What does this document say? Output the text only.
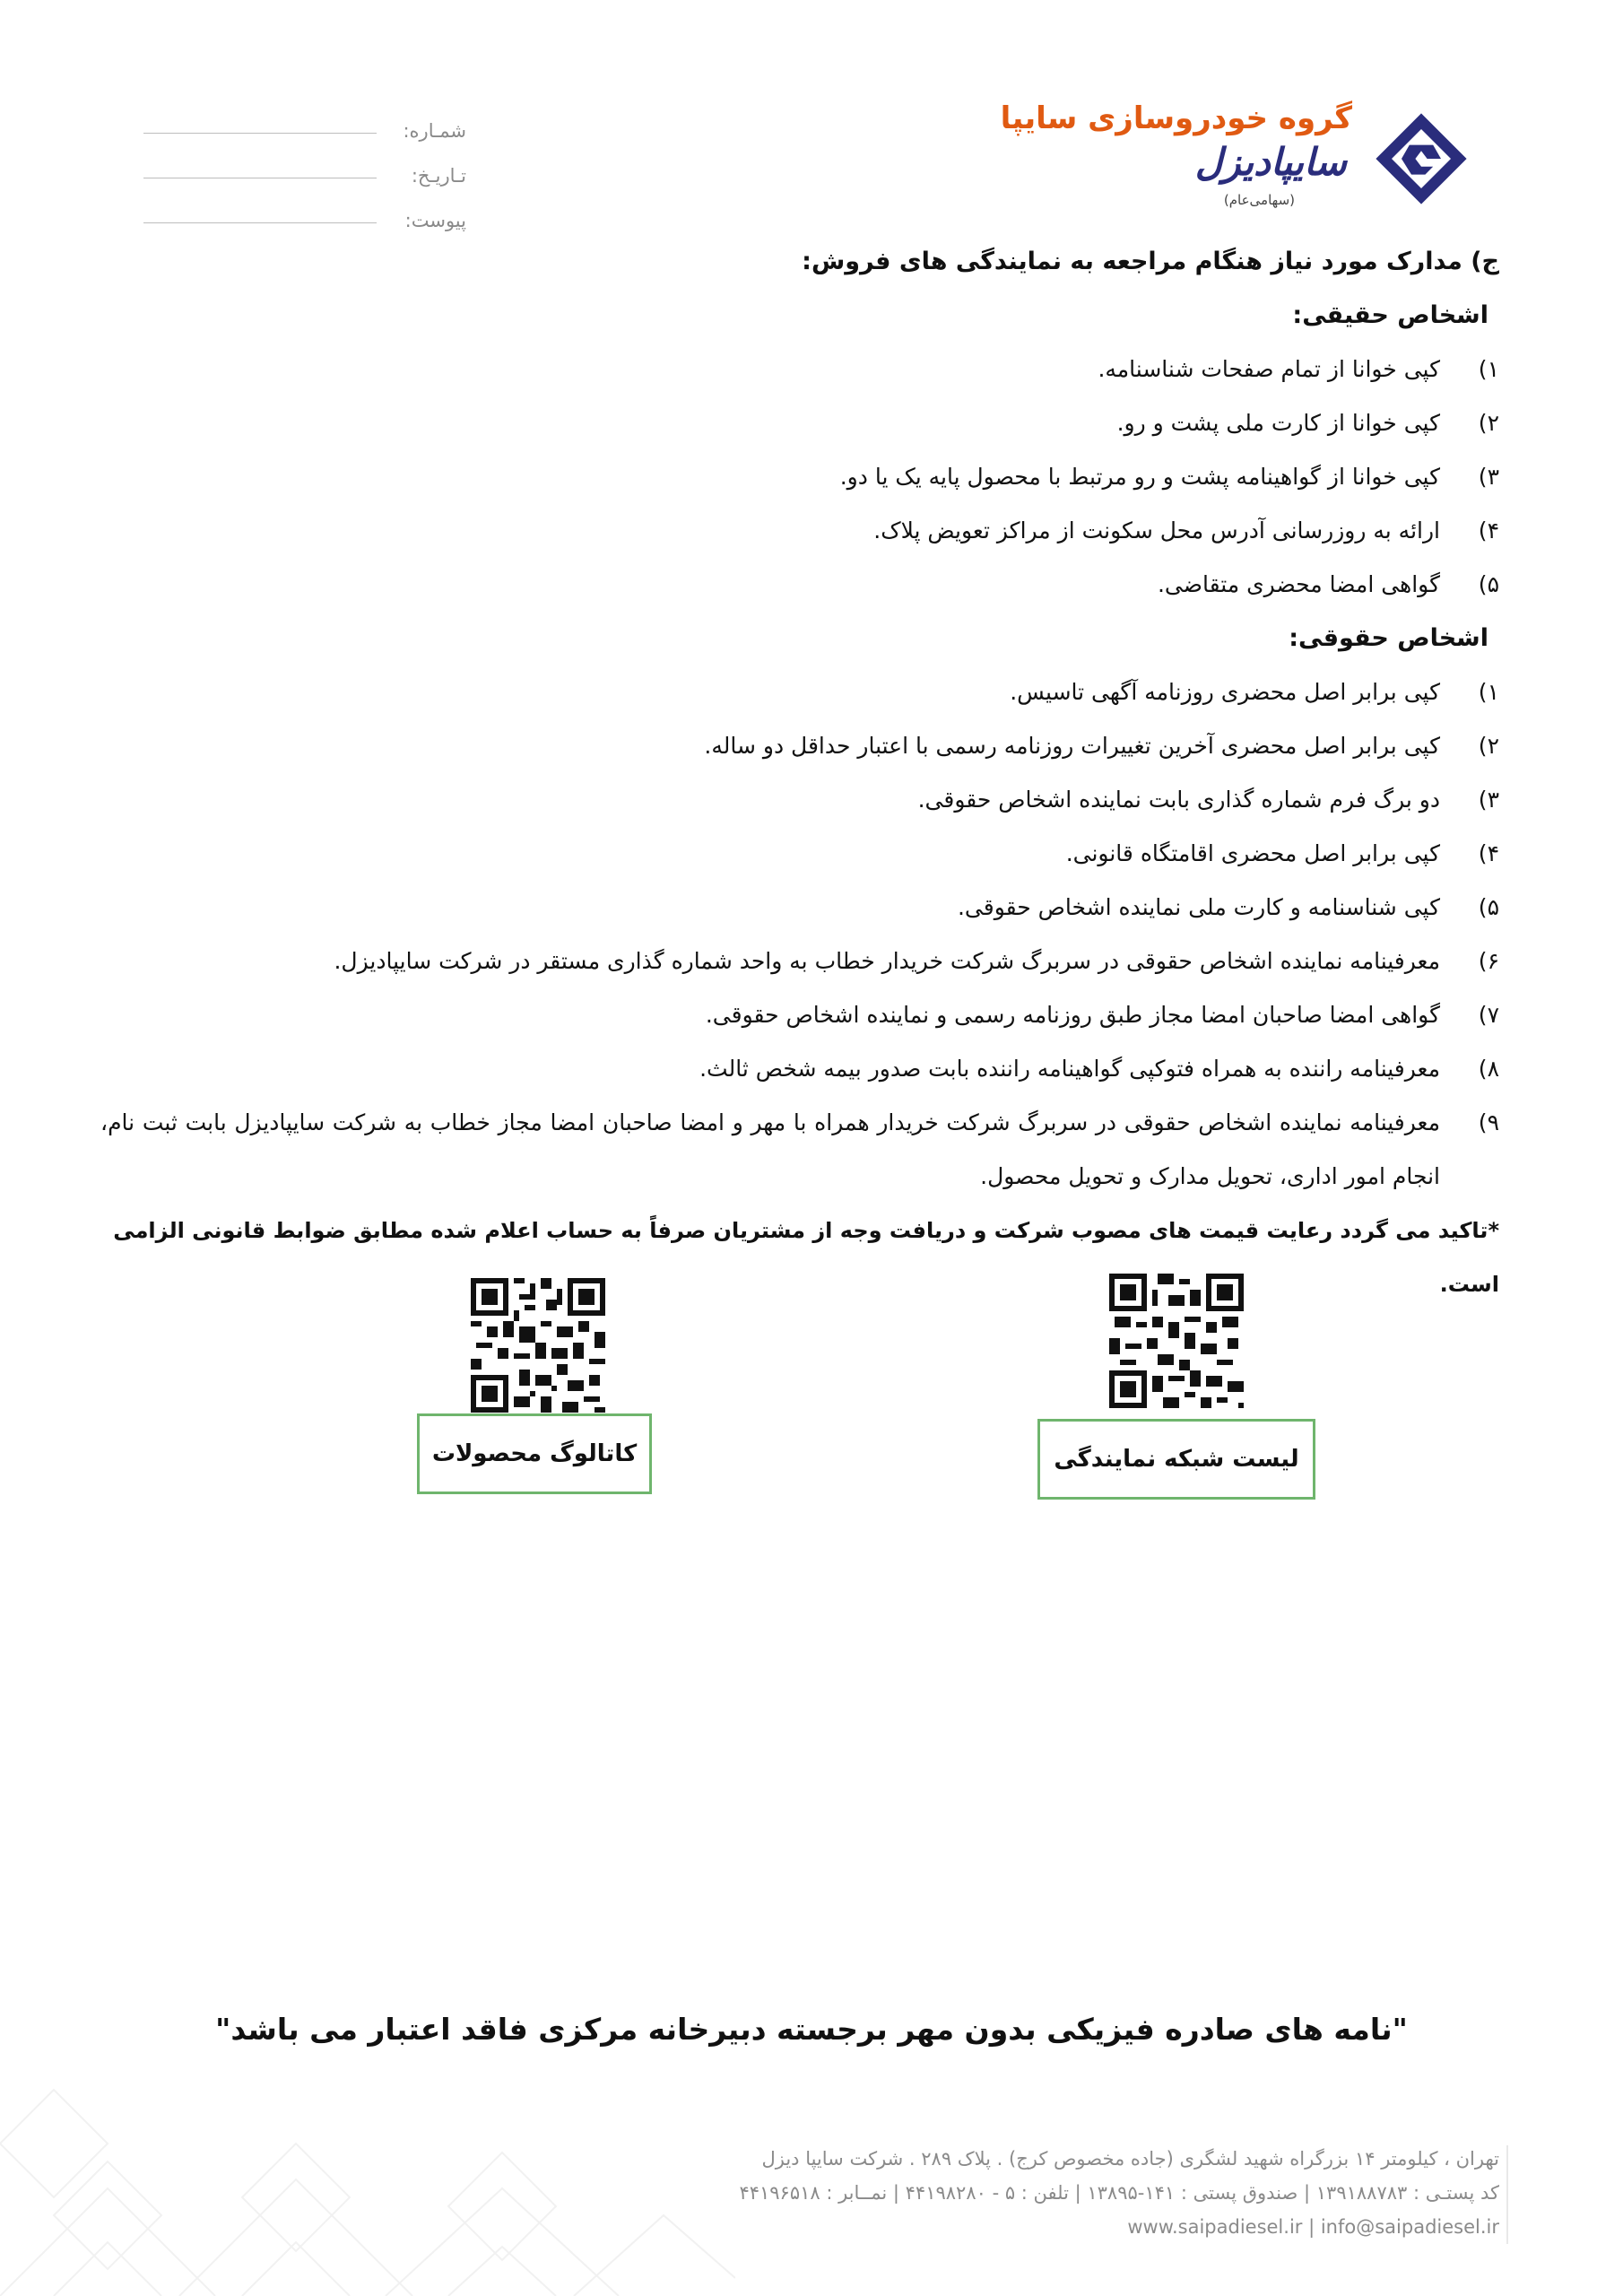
شمـاره:
تـاریـخ:
پیوست:
گروه خودروسازی سایپا
سایپادیزل
(سهامی‌عام)

ج) مدارک مورد نیاز هنگام مراجعه به نمایندگی های فروش:

اشخاص حقیقی:

۱)
کپی خوانا از تمام صفحات شناسنامه.
۲)
کپی خوانا از کارت ملی پشت و رو.
۳)
کپی خوانا از گواهینامه پشت و رو مرتبط با محصول پایه یک یا دو.
۴)
ارائه به روزرسانی آدرس محل سکونت از مراکز تعویض پلاک.
۵)
گواهی امضا محضری متقاضی.

اشخاص حقوقی:

۱)
کپی برابر اصل محضری روزنامه آگهی تاسیس.
۲)
کپی برابر اصل محضری آخرین تغییرات روزنامه رسمی با اعتبار حداقل دو ساله.
۳)
دو برگ فرم شماره گذاری بابت نماینده اشخاص حقوقی.
۴)
کپی برابر اصل محضری اقامتگاه قانونی.
۵)
کپی شناسنامه و کارت ملی نماینده اشخاص حقوقی.
۶)
معرفینامه نماینده اشخاص حقوقی در سربرگ شرکت خریدار خطاب به واحد شماره گذاری مستقر در شرکت سایپادیزل.
۷)
گواهی امضا صاحبان امضا مجاز طبق روزنامه رسمی و نماینده اشخاص حقوقی.
۸)
معرفینامه راننده به همراه فتوکپی گواهینامه راننده بابت صدور بیمه شخص ثالث.
۹)
معرفینامه نماینده اشخاص حقوقی در سربرگ شرکت خریدار همراه با مهر و امضا صاحبان امضا مجاز خطاب به شرکت سایپادیزل بابت ثبت نام، انجام امور اداری، تحویل مدارک و تحویل محصول.

*تاکید می گردد رعایت قیمت های مصوب شرکت و دریافت وجه از مشتریان صرفاً به حساب اعلام شده مطابق ضوابط قانونی الزامی است.

کاتالوگ محصولات	لیست شبکه نمایندگی
"نامه های صادره فیزیکی بدون مهر برجسته دبیرخانه مرکزی فاقد اعتبار می باشد"
تهران ، کیلومتر ۱۴ بزرگراه شهید لشگری (جاده مخصوص کرج) . پلاک ۲۸۹ . شرکت سایپا دیزل
کد پستـی : ۱۳۹۱۸۸۷۸۳ | صندوق پستی : ۱۴۱-۱۳۸۹۵ | تلفن : ۵ - ۴۴۱۹۸۲۸۰ | نمــابر : ۴۴۱۹۶۵۱۸
www.saipadiesel.ir | info@saipadiesel.ir
